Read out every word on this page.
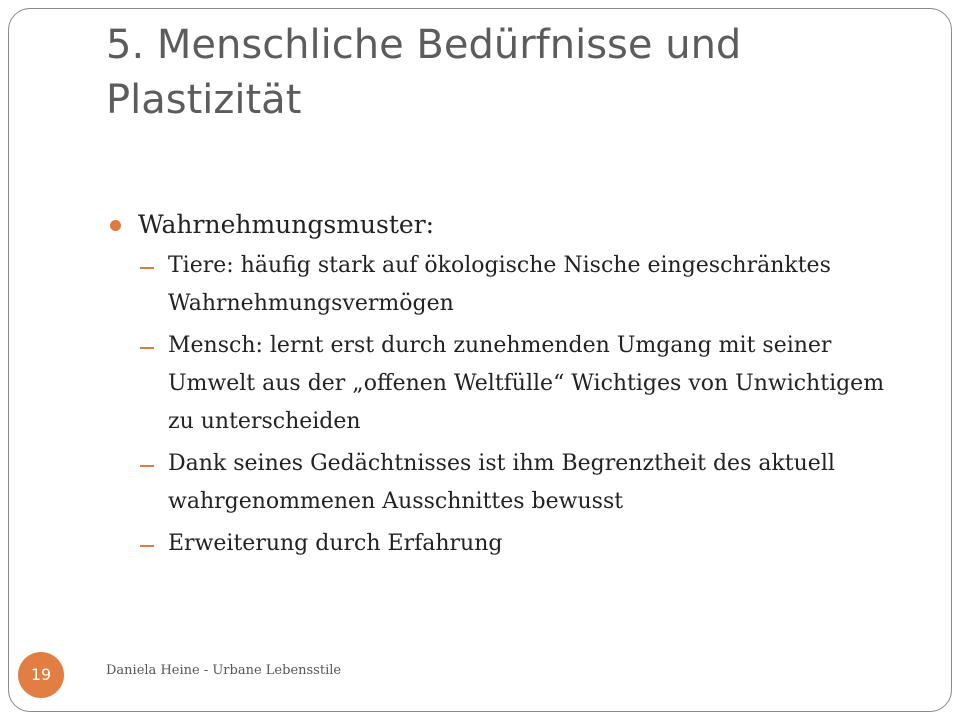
5. Menschliche Bedürfnisse und Plastizität
Wahrnehmungsmuster:
Tiere: häufig stark auf ökologische Nische eingeschränktes Wahrnehmungsvermögen
Mensch: lernt erst durch zunehmenden Umgang mit seiner Umwelt aus der „offenen Weltfülle“ Wichtiges von Unwichtigem zu unterscheiden
Dank seines Gedächtnisses ist ihm Begrenztheit des aktuell wahrgenommenen Ausschnittes bewusst
Erweiterung durch Erfahrung
19	Daniela Heine - Urbane Lebensstile
